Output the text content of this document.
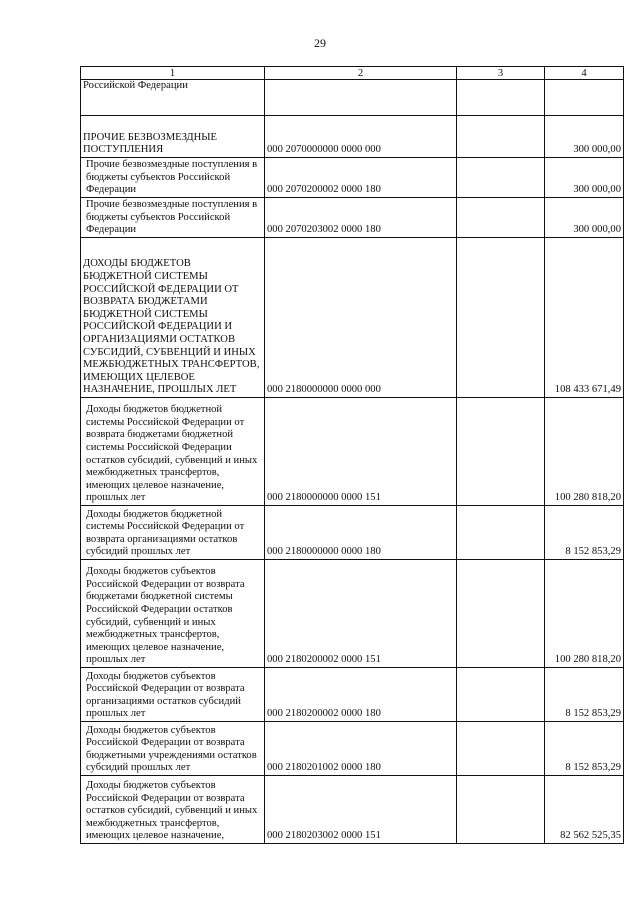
29
1	2	3	4
Российской Федерации			
ПРОЧИЕ БЕЗВОЗМЕЗДНЫЕ ПОСТУПЛЕНИЯ	000 2070000000 0000 000		300 000,00
Прочие безвозмездные поступления в бюджеты субъектов Российской Федерации	000 2070200002 0000 180		300 000,00
Прочие безвозмездные поступления в бюджеты субъектов Российской Федерации	000 2070203002 0000 180		300 000,00
ДОХОДЫ БЮДЖЕТОВ БЮДЖЕТНОЙ СИСТЕМЫ РОССИЙСКОЙ ФЕДЕРАЦИИ ОТ ВОЗВРАТА БЮДЖЕТАМИ БЮДЖЕТНОЙ СИСТЕМЫ РОССИЙСКОЙ ФЕДЕРАЦИИ И ОРГАНИЗАЦИЯМИ ОСТАТКОВ СУБСИДИЙ, СУБВЕНЦИЙ И ИНЫХ МЕЖБЮДЖЕТНЫХ ТРАНСФЕРТОВ, ИМЕЮЩИХ ЦЕЛЕВОЕ НАЗНАЧЕНИЕ, ПРОШЛЫХ ЛЕТ	000 2180000000 0000 000		108 433 671,49
Доходы бюджетов бюджетной системы Российской Федерации от возврата бюджетами бюджетной системы Российской Федерации остатков субсидий, субвенций и иных межбюджетных трансфертов, имеющих целевое назначение, прошлых лет	000 2180000000 0000 151		100 280 818,20
Доходы бюджетов бюджетной системы Российской Федерации от возврата организациями остатков субсидий прошлых лет	000 2180000000 0000 180		8 152 853,29
Доходы бюджетов субъектов Российской Федерации от возврата бюджетами бюджетной системы Российской Федерации остатков субсидий, субвенций и иных межбюджетных трансфертов, имеющих целевое назначение, прошлых лет	000 2180200002 0000 151		100 280 818,20
Доходы бюджетов субъектов Российской Федерации от возврата организациями остатков субсидий прошлых лет	000 2180200002 0000 180		8 152 853,29
Доходы бюджетов субъектов Российской Федерации от возврата бюджетными учреждениями остатков субсидий прошлых лет	000 2180201002 0000 180		8 152 853,29
Доходы бюджетов субъектов Российской Федерации от возврата остатков субсидий, субвенций и иных межбюджетных трансфертов, имеющих целевое назначение,	000 2180203002 0000 151		82 562 525,35
